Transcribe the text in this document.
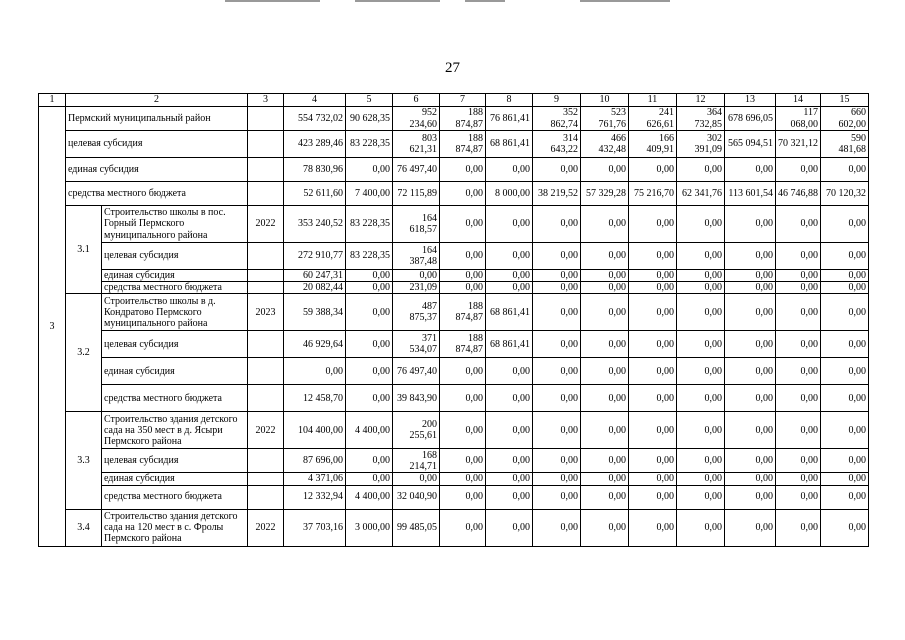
27
1	2		3	4	5	6	7	8	9	10	11	12	13	14	15
3	Пермский муниципальный район			554 732,02	90 628,35	952 234,60	188 874,87	76 861,41	352 862,74	523 761,76	241 626,61	364 732,85	678 696,05	117 068,00	660 602,00
	целевая субсидия			423 289,46	83 228,35	803 621,31	188 874,87	68 861,41	314 643,22	466 432,48	166 409,91	302 391,09	565 094,51	70 321,12	590 481,68
	единая субсидия			78 830,96	0,00	76 497,40	0,00	0,00	0,00	0,00	0,00	0,00	0,00	0,00	0,00
	средства местного бюджета			52 611,60	7 400,00	72 115,89	0,00	8 000,00	38 219,52	57 329,28	75 216,70	62 341,76	113 601,54	46 746,88	70 120,32
	3.1	Строительство школы в пос. Горный Пермского муниципального района	2022	353 240,52	83 228,35	164 618,57	0,00	0,00	0,00	0,00	0,00	0,00	0,00	0,00	0,00
		целевая субсидия		272 910,77	83 228,35	164 387,48	0,00	0,00	0,00	0,00	0,00	0,00	0,00	0,00	0,00
		единая субсидия		60 247,31	0,00	0,00	0,00	0,00	0,00	0,00	0,00	0,00	0,00	0,00	0,00
		средства местного бюджета		20 082,44	0,00	231,09	0,00	0,00	0,00	0,00	0,00	0,00	0,00	0,00	0,00
	3.2	Строительство школы в д. Кондратово Пермского муниципального района	2023	59 388,34	0,00	487 875,37	188 874,87	68 861,41	0,00	0,00	0,00	0,00	0,00	0,00	0,00
		целевая субсидия		46 929,64	0,00	371 534,07	188 874,87	68 861,41	0,00	0,00	0,00	0,00	0,00	0,00	0,00
		единая субсидия		0,00	0,00	76 497,40	0,00	0,00	0,00	0,00	0,00	0,00	0,00	0,00	0,00
		средства местного бюджета		12 458,70	0,00	39 843,90	0,00	0,00	0,00	0,00	0,00	0,00	0,00	0,00	0,00
	3.3	Строительство здания детского сада на 350 мест в д. Ясыри Пермского района	2022	104 400,00	4 400,00	200 255,61	0,00	0,00	0,00	0,00	0,00	0,00	0,00	0,00	0,00
		целевая субсидия		87 696,00	0,00	168 214,71	0,00	0,00	0,00	0,00	0,00	0,00	0,00	0,00	0,00
		единая субсидия		4 371,06	0,00	0,00	0,00	0,00	0,00	0,00	0,00	0,00	0,00	0,00	0,00
		средства местного бюджета		12 332,94	4 400,00	32 040,90	0,00	0,00	0,00	0,00	0,00	0,00	0,00	0,00	0,00
	3.4	Строительство здания детского сада на 120 мест в с. Фролы Пермского района	2022	37 703,16	3 000,00	99 485,05	0,00	0,00	0,00	0,00	0,00	0,00	0,00	0,00	0,00
